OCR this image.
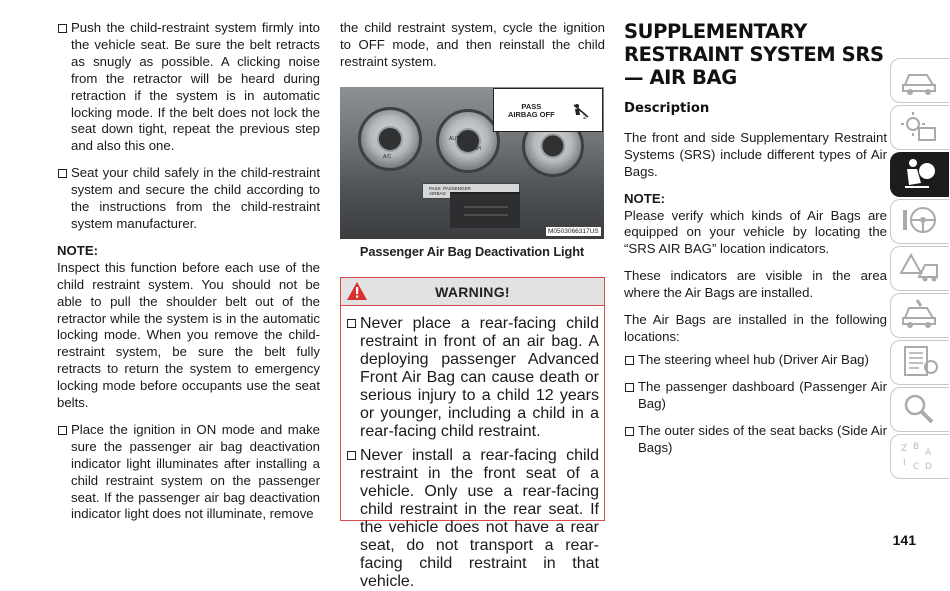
Push the child-restraint system firmly into the vehicle seat. Be sure the belt retracts as snugly as possible. A clicking noise from the retractor will be heard during retraction if the system is in automatic locking mode. If the belt does not lock the seat down tight, repeat the previous step and also this one.
Seat your child safely in the child-restraint system and secure the child according to the instructions from the child-restraint system manufacturer.
NOTE:

Inspect this function before each use of the child restraint system. You should not be able to pull the shoulder belt out of the retractor while the system is in the automatic locking mode. When you remove the child-restraint system, be sure the belt fully retracts to return the system to emergency locking mode before occupants use the seat belts.

Place the ignition in ON mode and make sure the passenger air bag deactivation indicator light illuminates after installing a child restraint system on the passenger seat. If the passenger air bag deactivation indicator light does not illuminate, remove

the child restraint system, cycle the ignition to OFF mode, and then reinstall the child restraint system.

A/C
AUTO
PUSH
PASS  PASSENGER
AIRBAG
PASS
AIRBAG OFF	2
M0503066317US
Passenger Air Bag Deactivation Light
WARNING!
Never place a rear-facing child restraint in front of an air bag. A deploying passenger Advanced Front Air Bag can cause death or serious injury to a child 12 years or younger, including a child in a rear-facing child restraint.
Never install a rear-facing child restraint in the front seat of a vehicle. Only use a rear-facing child restraint in the rear seat. If the vehicle does not have a rear seat, do not transport a rear-facing child restraint in that vehicle.
SUPPLEMENTARY RESTRAINT SYSTEM SRS — AIR BAG
Description

The front and side Supplementary Restraint Systems (SRS) include different types of Air Bags.

NOTE:

Please verify which kinds of Air Bags are equipped on your vehicle by locating the “SRS AIR BAG” location indicators.

These indicators are visible in the area where the Air Bags are installed.

The Air Bags are installed in the following locations:

The steering wheel hub (Driver Air Bag)
The passenger dashboard (Passenger Air Bag)
The outer sides of the seat backs (Side Air Bags)	Z B
A
I C D
141
